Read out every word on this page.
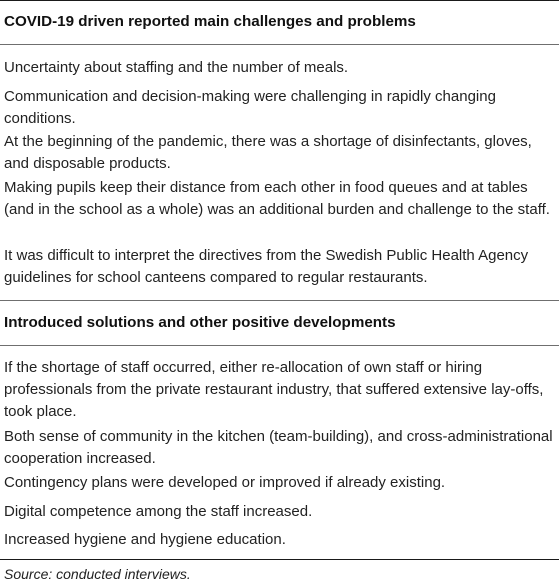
COVID-19 driven reported main challenges and problems
Uncertainty about staffing and the number of meals.
Communication and decision-making were challenging in rapidly changing conditions.
At the beginning of the pandemic, there was a shortage of disinfectants, gloves, and disposable products.
Making pupils keep their distance from each other in food queues and at tables (and in the school as a whole) was an additional burden and challenge to the staff.
It was difficult to interpret the directives from the Swedish Public Health Agency guidelines for school canteens compared to regular restaurants.
Introduced solutions and other positive developments
If the shortage of staff occurred, either re-allocation of own staff or hiring professionals from the private restaurant industry, that suffered extensive lay-offs, took place.
Both sense of community in the kitchen (team-building), and cross-administrational cooperation increased.
Contingency plans were developed or improved if already existing.
Digital competence among the staff increased.
Increased hygiene and hygiene education.
Source: conducted interviews.
